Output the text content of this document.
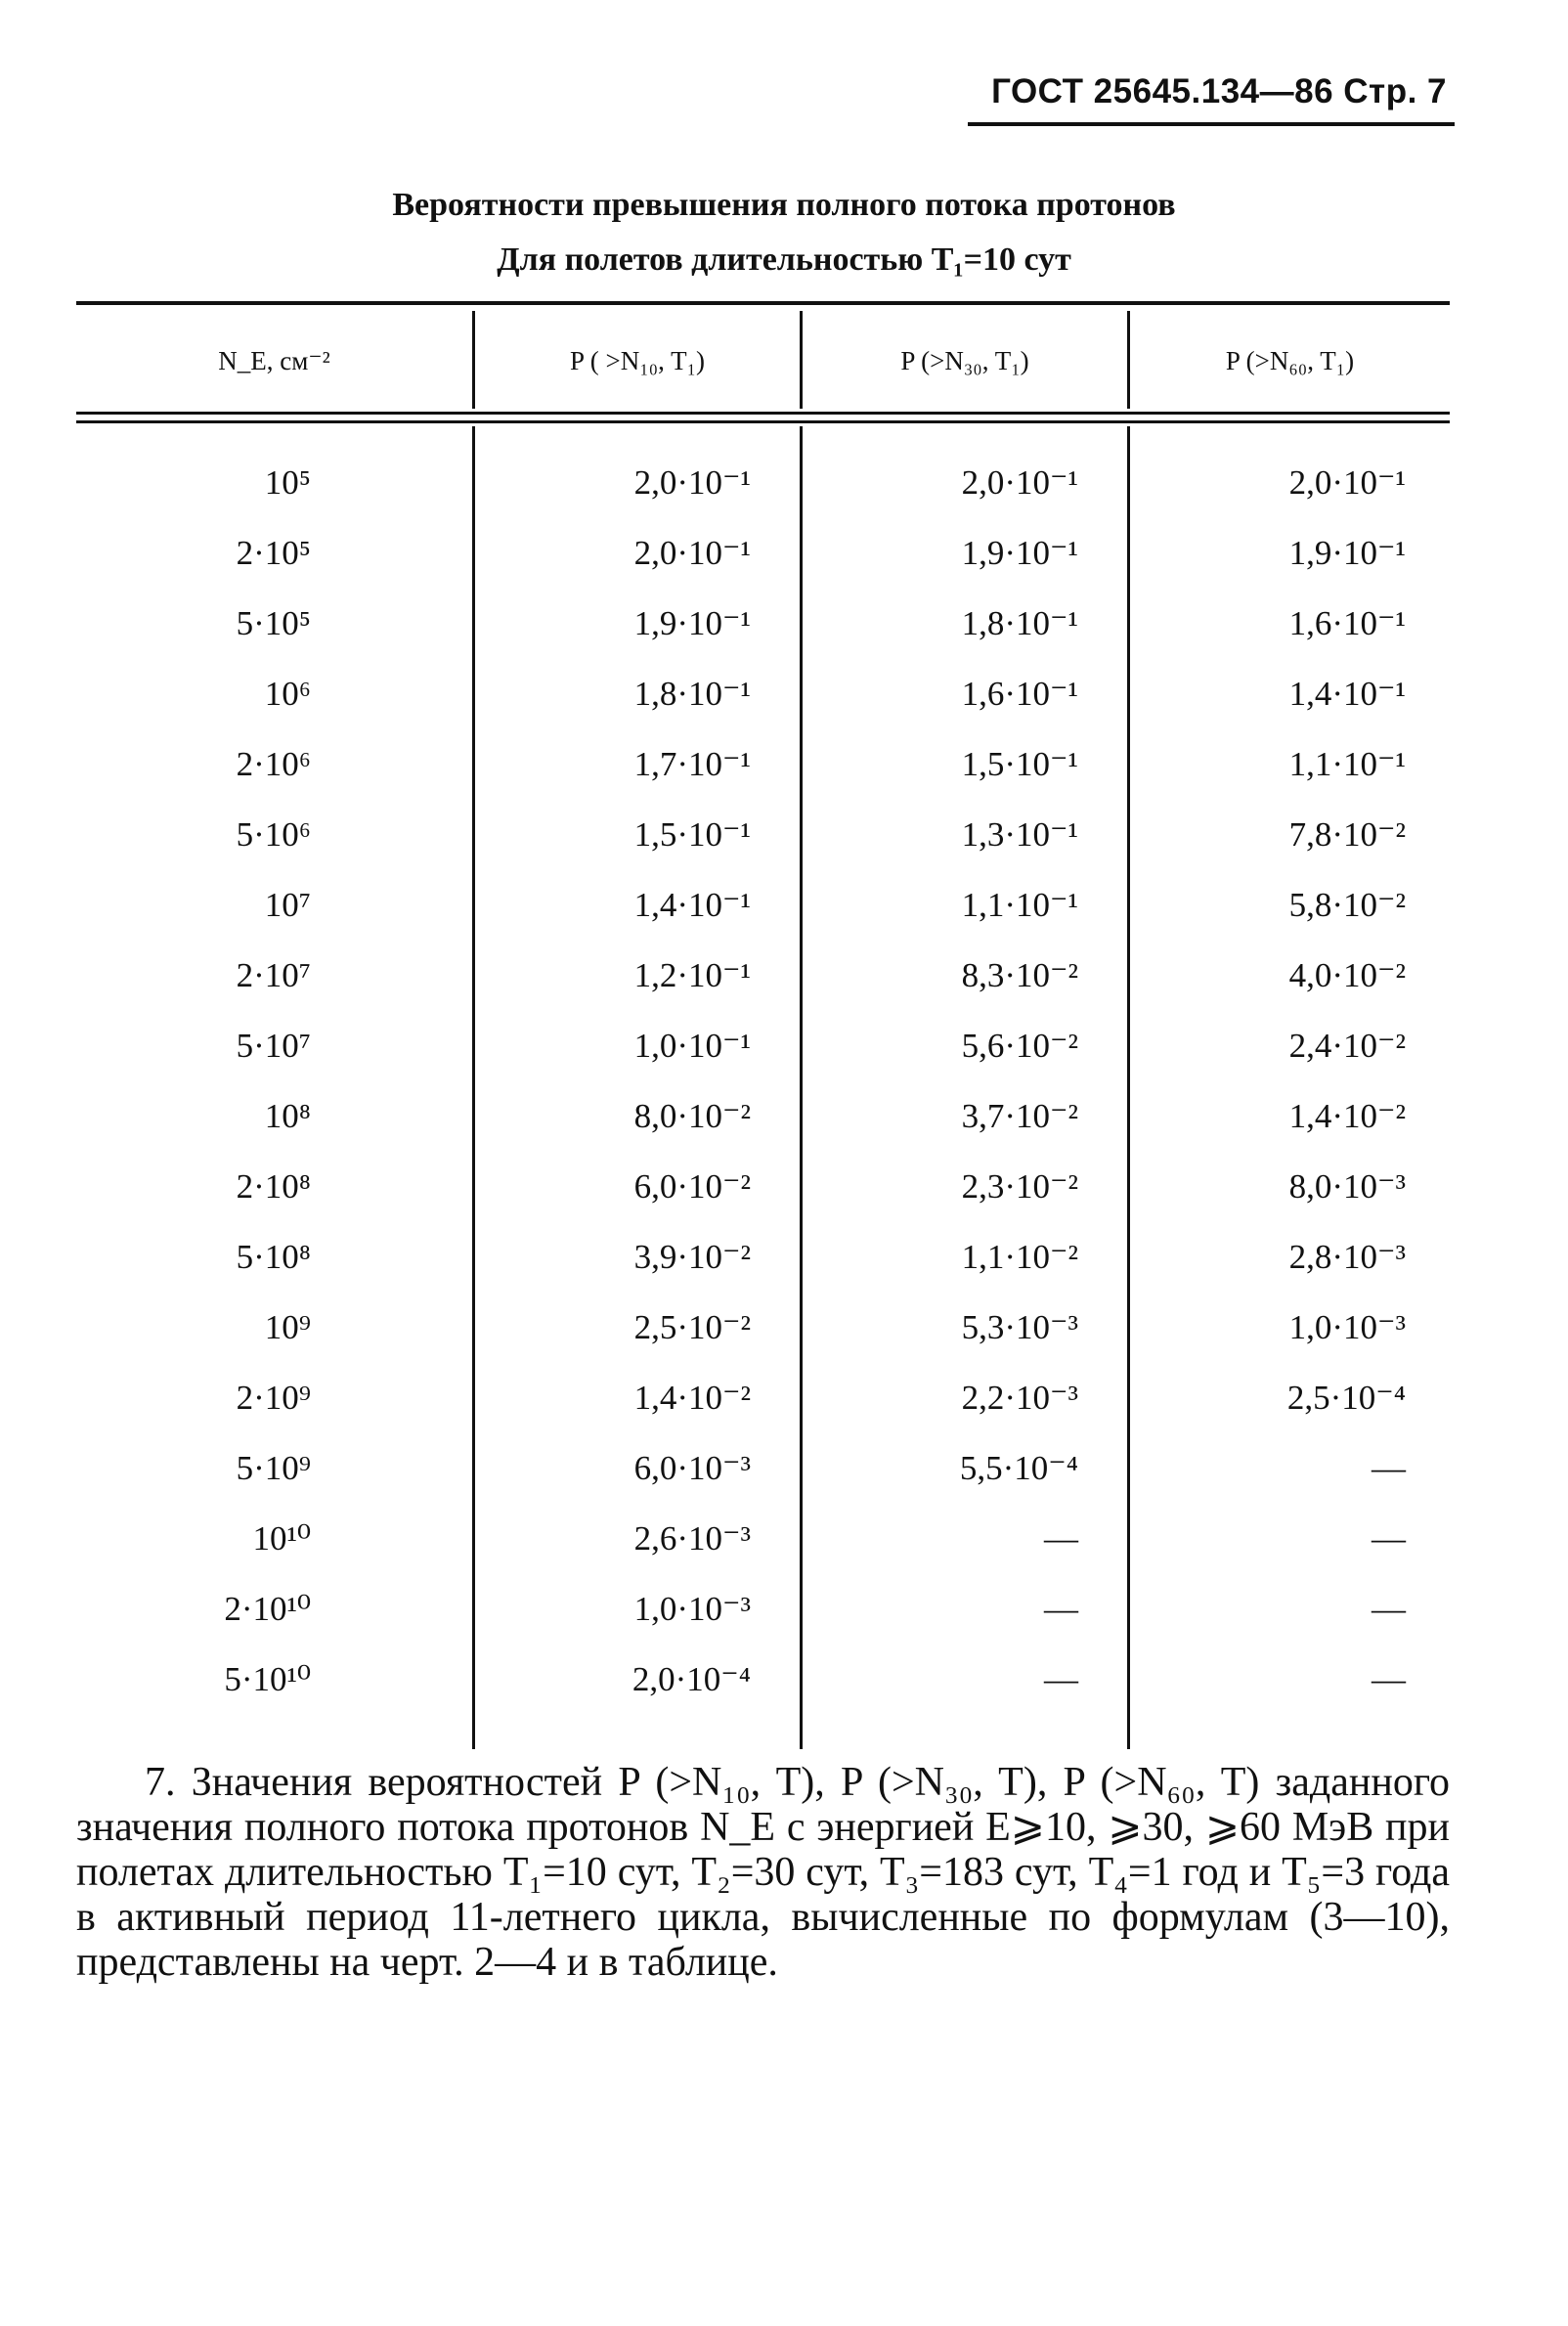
ГОСТ 25645.134—86 Стр. 7
Вероятности превышения полного потока протонов
Для полетов длительностью T₁=10 сут
N_E, см⁻²	P ( >N₁₀, T₁)	P (>N₃₀, T₁)	P (>N₆₀, T₁)
10⁵	2,0·10⁻¹	2,0·10⁻¹	2,0·10⁻¹
2·10⁵	2,0·10⁻¹	1,9·10⁻¹	1,9·10⁻¹
5·10⁵	1,9·10⁻¹	1,8·10⁻¹	1,6·10⁻¹
10⁶	1,8·10⁻¹	1,6·10⁻¹	1,4·10⁻¹
2·10⁶	1,7·10⁻¹	1,5·10⁻¹	1,1·10⁻¹
5·10⁶	1,5·10⁻¹	1,3·10⁻¹	7,8·10⁻²
10⁷	1,4·10⁻¹	1,1·10⁻¹	5,8·10⁻²
2·10⁷	1,2·10⁻¹	8,3·10⁻²	4,0·10⁻²
5·10⁷	1,0·10⁻¹	5,6·10⁻²	2,4·10⁻²
10⁸	8,0·10⁻²	3,7·10⁻²	1,4·10⁻²
2·10⁸	6,0·10⁻²	2,3·10⁻²	8,0·10⁻³
5·10⁸	3,9·10⁻²	1,1·10⁻²	2,8·10⁻³
10⁹	2,5·10⁻²	5,3·10⁻³	1,0·10⁻³
2·10⁹	1,4·10⁻²	2,2·10⁻³	2,5·10⁻⁴
5·10⁹	6,0·10⁻³	5,5·10⁻⁴	—
10¹⁰	2,6·10⁻³	—	—
2·10¹⁰	1,0·10⁻³	—	—
5·10¹⁰	2,0·10⁻⁴	—	—

7. Значения вероятностей P (>N₁₀, T), P (>N₃₀, T), P (>N₆₀, T) заданного значения полного потока протонов N_E с энергией E⩾10, ⩾30, ⩾60 МэВ при полетах длительностью T₁=10 сут, T₂=30 сут, T₃=183 сут, T₄=1 год и T₅=3 года в активный период 11-летнего цикла, вычисленные по формулам (3—10), представлены на черт. 2—4 и в таблице.
